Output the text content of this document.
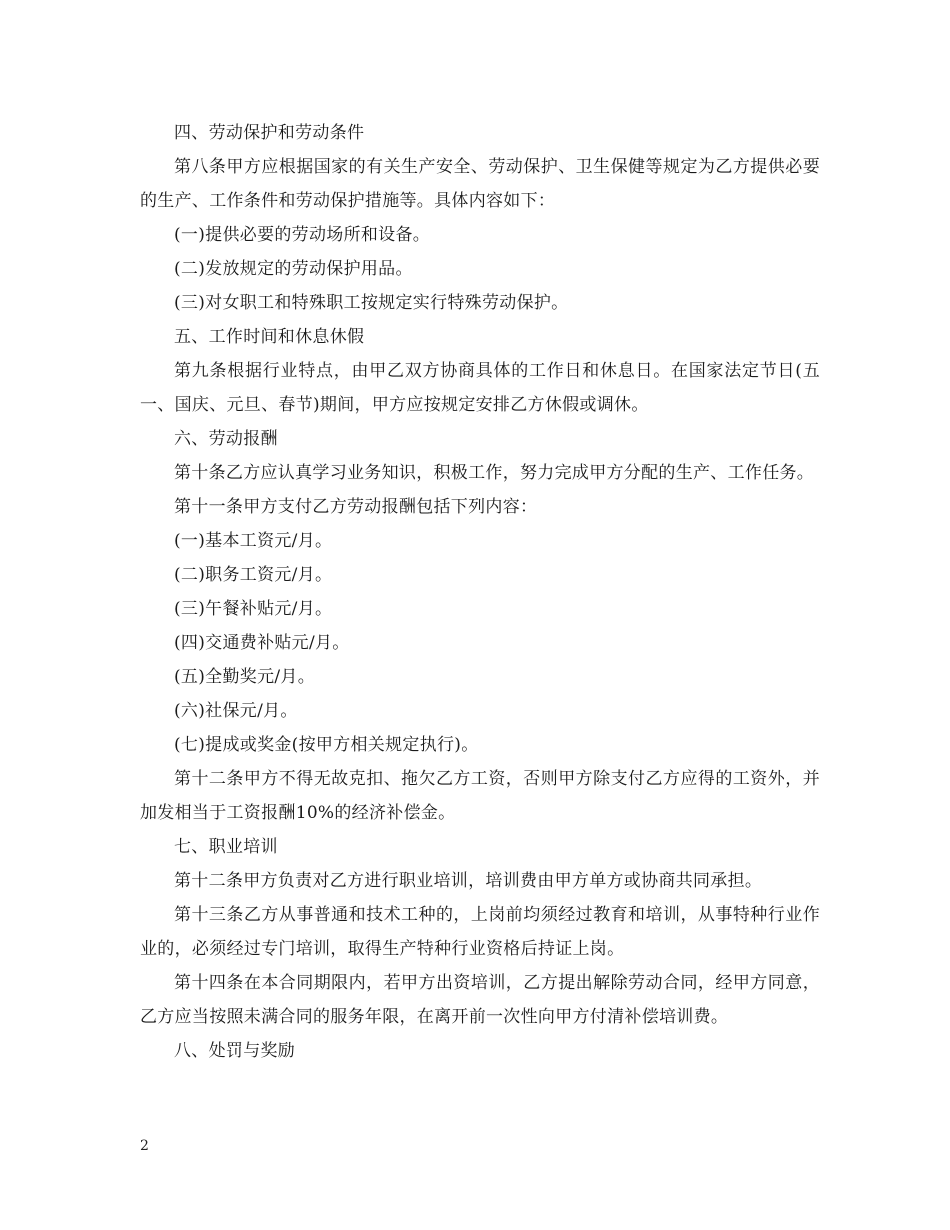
四、劳动保护和劳动条件

第八条甲方应根据国家的有关生产安全、劳动保护、卫生保健等规定为乙方提供必要的生产、工作条件和劳动保护措施等。具体内容如下：

(一)提供必要的劳动场所和设备。

(二)发放规定的劳动保护用品。

(三)对女职工和特殊职工按规定实行特殊劳动保护。

五、工作时间和休息休假

第九条根据行业特点，由甲乙双方协商具体的工作日和休息日。在国家法定节日(五一、国庆、元旦、春节)期间，甲方应按规定安排乙方休假或调休。

六、劳动报酬

第十条乙方应认真学习业务知识，积极工作，努力完成甲方分配的生产、工作任务。

第十一条甲方支付乙方劳动报酬包括下列内容：

(一)基本工资元/月。

(二)职务工资元/月。

(三)午餐补贴元/月。

(四)交通费补贴元/月。

(五)全勤奖元/月。

(六)社保元/月。

(七)提成或奖金(按甲方相关规定执行)。

第十二条甲方不得无故克扣、拖欠乙方工资，否则甲方除支付乙方应得的工资外，并加发相当于工资报酬10%的经济补偿金。

七、职业培训

第十二条甲方负责对乙方进行职业培训，培训费由甲方单方或协商共同承担。

第十三条乙方从事普通和技术工种的，上岗前均须经过教育和培训，从事特种行业作业的，必须经过专门培训，取得生产特种行业资格后持证上岗。

第十四条在本合同期限内，若甲方出资培训，乙方提出解除劳动合同，经甲方同意，乙方应当按照未满合同的服务年限，在离开前一次性向甲方付清补偿培训费。

八、处罚与奖励

2
